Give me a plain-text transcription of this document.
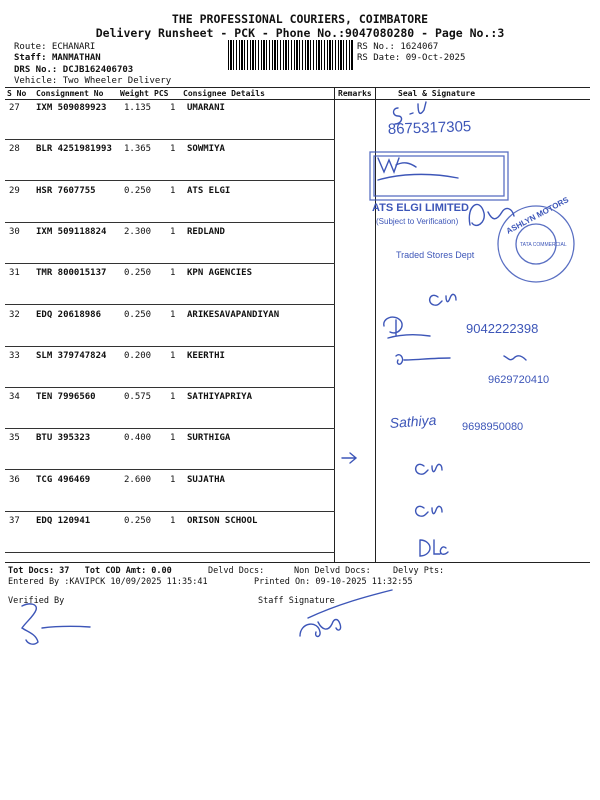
THE PROFESSIONAL COURIERS, COIMBATORE
Delivery Runsheet - PCK - Phone No.:9047080280 - Page No.:3
Route: ECHANARI
Staff: MANMATHAN
DRS No.: DCJB162406703
Vehicle: Two Wheeler Delivery
RS No.: 1624067
RS Date: 09-Oct-2025
S No Consignment No Weight PCS Consignee Details	Remarks	Seal & Signature
27 IXM 509089923 1.135 1 UMARANI
28 BLR 4251981993 1.365 1 SOWMIYA
29 HSR 7607755	0.250 1 ATS ELGI
30 IXM 509118824 2.300 1 REDLAND
31 TMR 800015137 0.250 1 KPN AGENCIES
32 EDQ 20618986	0.250 1 ARIKESAVAPANDIYAN
33 SLM 379747824 0.200 1 KEERTHI
34 TEN 7996560	0.575 1 SATHIYAPRIYA
35 BTU 395323	0.400 1 SURTHIGA
36 TCG 496469	2.600 1 SUJATHA
37 EDQ 120941	0.250 1 ORISON SCHOOL
8675317305
9042222398
9629720410
Sathiya 9698950080
ATS ELGI LIMITED
(Subject to Verification)
Traded Stores Dept
ASHLYN MOTORS
TATA COMMERCIAL
Tot Docs: 37 Tot COD Amt: 0.00	Delvd Docs:	Non Delvd Docs:	Delvy Pts:
Entered By :KAVIPCK 10/09/2025 11:35:41	Printed On: 09-10-2025 11:32:55
Verified By	Staff Signature
